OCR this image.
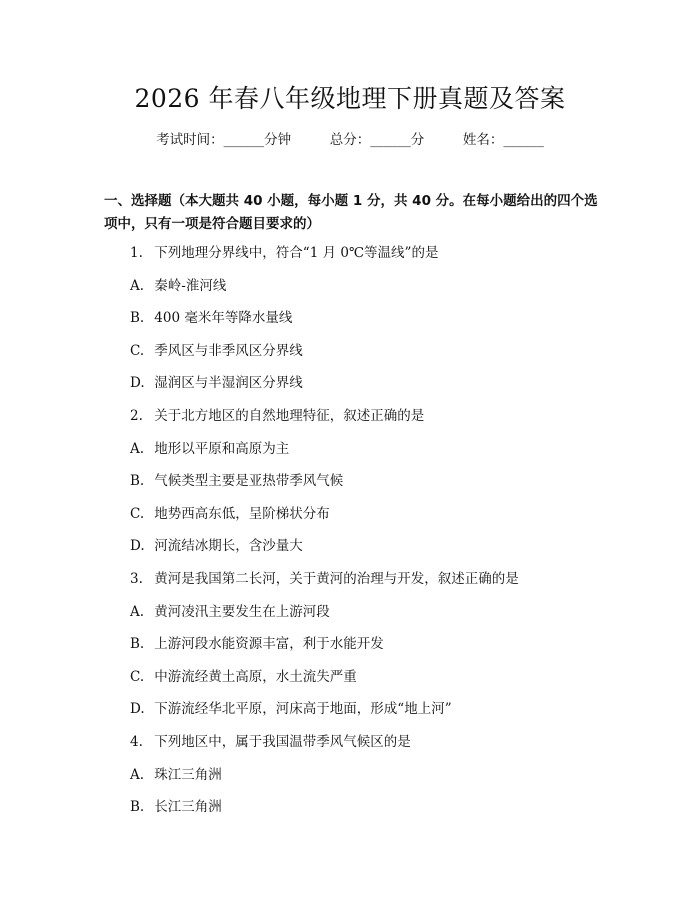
2026 年春八年级地理下册真题及答案
考试时间：______分钟	总分：______分	姓名：______
一、选择题（本大题共 40 小题，每小题 1 分，共 40 分。在每小题给出的四个选项中，只有一项是符合题目要求的）
1. 下列地理分界线中，符合“1 月 0℃等温线”的是
A. 秦岭-淮河线
B. 400 毫米年等降水量线
C. 季风区与非季风区分界线
D. 湿润区与半湿润区分界线
2. 关于北方地区的自然地理特征，叙述正确的是
A. 地形以平原和高原为主
B. 气候类型主要是亚热带季风气候
C. 地势西高东低，呈阶梯状分布
D. 河流结冰期长，含沙量大
3. 黄河是我国第二长河，关于黄河的治理与开发，叙述正确的是
A. 黄河凌汛主要发生在上游河段
B. 上游河段水能资源丰富，利于水能开发
C. 中游流经黄土高原，水土流失严重
D. 下游流经华北平原，河床高于地面，形成“地上河”
4. 下列地区中，属于我国温带季风气候区的是
A. 珠江三角洲
B. 长江三角洲
